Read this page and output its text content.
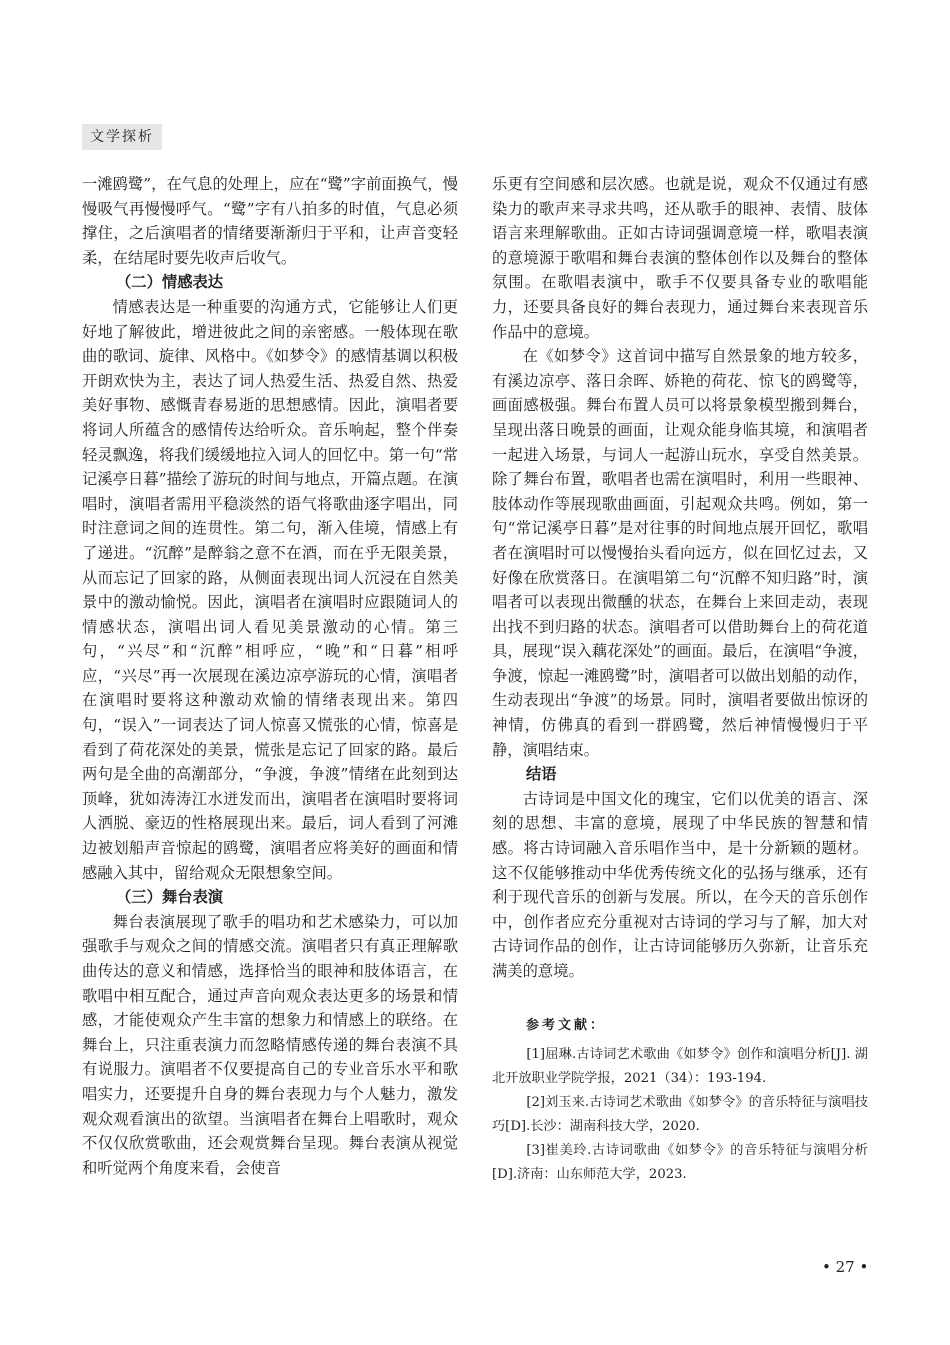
文学探析

一滩鸥鹭”，在气息的处理上，应在“鹭”字前面换气，慢慢吸气再慢慢呼气。“鹭”字有八拍多的时值，气息必须撑住，之后演唱者的情绪要渐渐归于平和，让声音变轻柔，在结尾时要先收声后收气。

（二）情感表达

情感表达是一种重要的沟通方式，它能够让人们更好地了解彼此，增进彼此之间的亲密感。一般体现在歌曲的歌词、旋律、风格中。《如梦令》的感情基调以积极开朗欢快为主，表达了词人热爱生活、热爱自然、热爱美好事物、感慨青春易逝的思想感情。因此，演唱者要将词人所蕴含的感情传达给听众。音乐响起，整个伴奏轻灵飘逸，将我们缓缓地拉入词人的回忆中。第一句“常记溪亭日暮”描绘了游玩的时间与地点，开篇点题。在演唱时，演唱者需用平稳淡然的语气将歌曲逐字唱出，同时注意词之间的连贯性。第二句，渐入佳境，情感上有了递进。“沉醉”是醉翁之意不在酒，而在乎无限美景，从而忘记了回家的路，从侧面表现出词人沉浸在自然美景中的激动愉悦。因此，演唱者在演唱时应跟随词人的情感状态，演唱出词人看见美景激动的心情。第三句，“兴尽”和“沉醉”相呼应，“晚”和“日暮”相呼应，“兴尽”再一次展现在溪边凉亭游玩的心情，演唱者在演唱时要将这种激动欢愉的情绪表现出来。第四句，“误入”一词表达了词人惊喜又慌张的心情，惊喜是看到了荷花深处的美景，慌张是忘记了回家的路。最后两句是全曲的高潮部分，“争渡，争渡”情绪在此刻到达顶峰，犹如涛涛江水迸发而出，演唱者在演唱时要将词人洒脱、豪迈的性格展现出来。最后，词人看到了河滩边被划船声音惊起的鸥鹭，演唱者应将美好的画面和情感融入其中，留给观众无限想象空间。

（三）舞台表演

舞台表演展现了歌手的唱功和艺术感染力，可以加强歌手与观众之间的情感交流。演唱者只有真正理解歌曲传达的意义和情感，选择恰当的眼神和肢体语言，在歌唱中相互配合，通过声音向观众表达更多的场景和情感，才能使观众产生丰富的想象力和情感上的联络。在舞台上，只注重表演力而忽略情感传递的舞台表演不具有说服力。演唱者不仅要提高自己的专业音乐水平和歌唱实力，还要提升自身的舞台表现力与个人魅力，激发观众观看演出的欲望。当演唱者在舞台上唱歌时，观众不仅仅欣赏歌曲，还会观赏舞台呈现。舞台表演从视觉和听觉两个角度来看，会使音

乐更有空间感和层次感。也就是说，观众不仅通过有感染力的歌声来寻求共鸣，还从歌手的眼神、表情、肢体语言来理解歌曲。正如古诗词强调意境一样，歌唱表演的意境源于歌唱和舞台表演的整体创作以及舞台的整体氛围。在歌唱表演中，歌手不仅要具备专业的歌唱能力，还要具备良好的舞台表现力，通过舞台来表现音乐作品中的意境。

在《如梦令》这首词中描写自然景象的地方较多，有溪边凉亭、落日余晖、娇艳的荷花、惊飞的鸥鹭等，画面感极强。舞台布置人员可以将景象模型搬到舞台，呈现出落日晚景的画面，让观众能身临其境，和演唱者一起进入场景，与词人一起游山玩水，享受自然美景。除了舞台布置，歌唱者也需在演唱时，利用一些眼神、肢体动作等展现歌曲画面，引起观众共鸣。例如，第一句“常记溪亭日暮”是对往事的时间地点展开回忆，歌唱者在演唱时可以慢慢抬头看向远方，似在回忆过去，又好像在欣赏落日。在演唱第二句“沉醉不知归路”时，演唱者可以表现出微醺的状态，在舞台上来回走动，表现出找不到归路的状态。演唱者可以借助舞台上的荷花道具，展现“误入藕花深处”的画面。最后，在演唱“争渡，争渡，惊起一滩鸥鹭”时，演唱者可以做出划船的动作，生动表现出“争渡”的场景。同时，演唱者要做出惊讶的神情，仿佛真的看到一群鸥鹭，然后神情慢慢归于平静，演唱结束。

结语

古诗词是中国文化的瑰宝，它们以优美的语言、深刻的思想、丰富的意境，展现了中华民族的智慧和情感。将古诗词融入音乐唱作当中，是十分新颖的题材。这不仅能够推动中华优秀传统文化的弘扬与继承，还有利于现代音乐的创新与发展。所以，在今天的音乐创作中，创作者应充分重视对古诗词的学习与了解，加大对古诗词作品的创作，让古诗词能够历久弥新，让音乐充满美的意境。

参考文献：

[1]屈琳.古诗词艺术歌曲《如梦令》创作和演唱分析[J]. 湖北开放职业学院学报，2021（34）：193-194.

[2]刘玉来.古诗词艺术歌曲《如梦令》的音乐特征与演唱技巧[D].长沙：湖南科技大学，2020.

[3]崔美玲.古诗词歌曲《如梦令》的音乐特征与演唱分析[D].济南：山东师范大学，2023.

• 27 •
